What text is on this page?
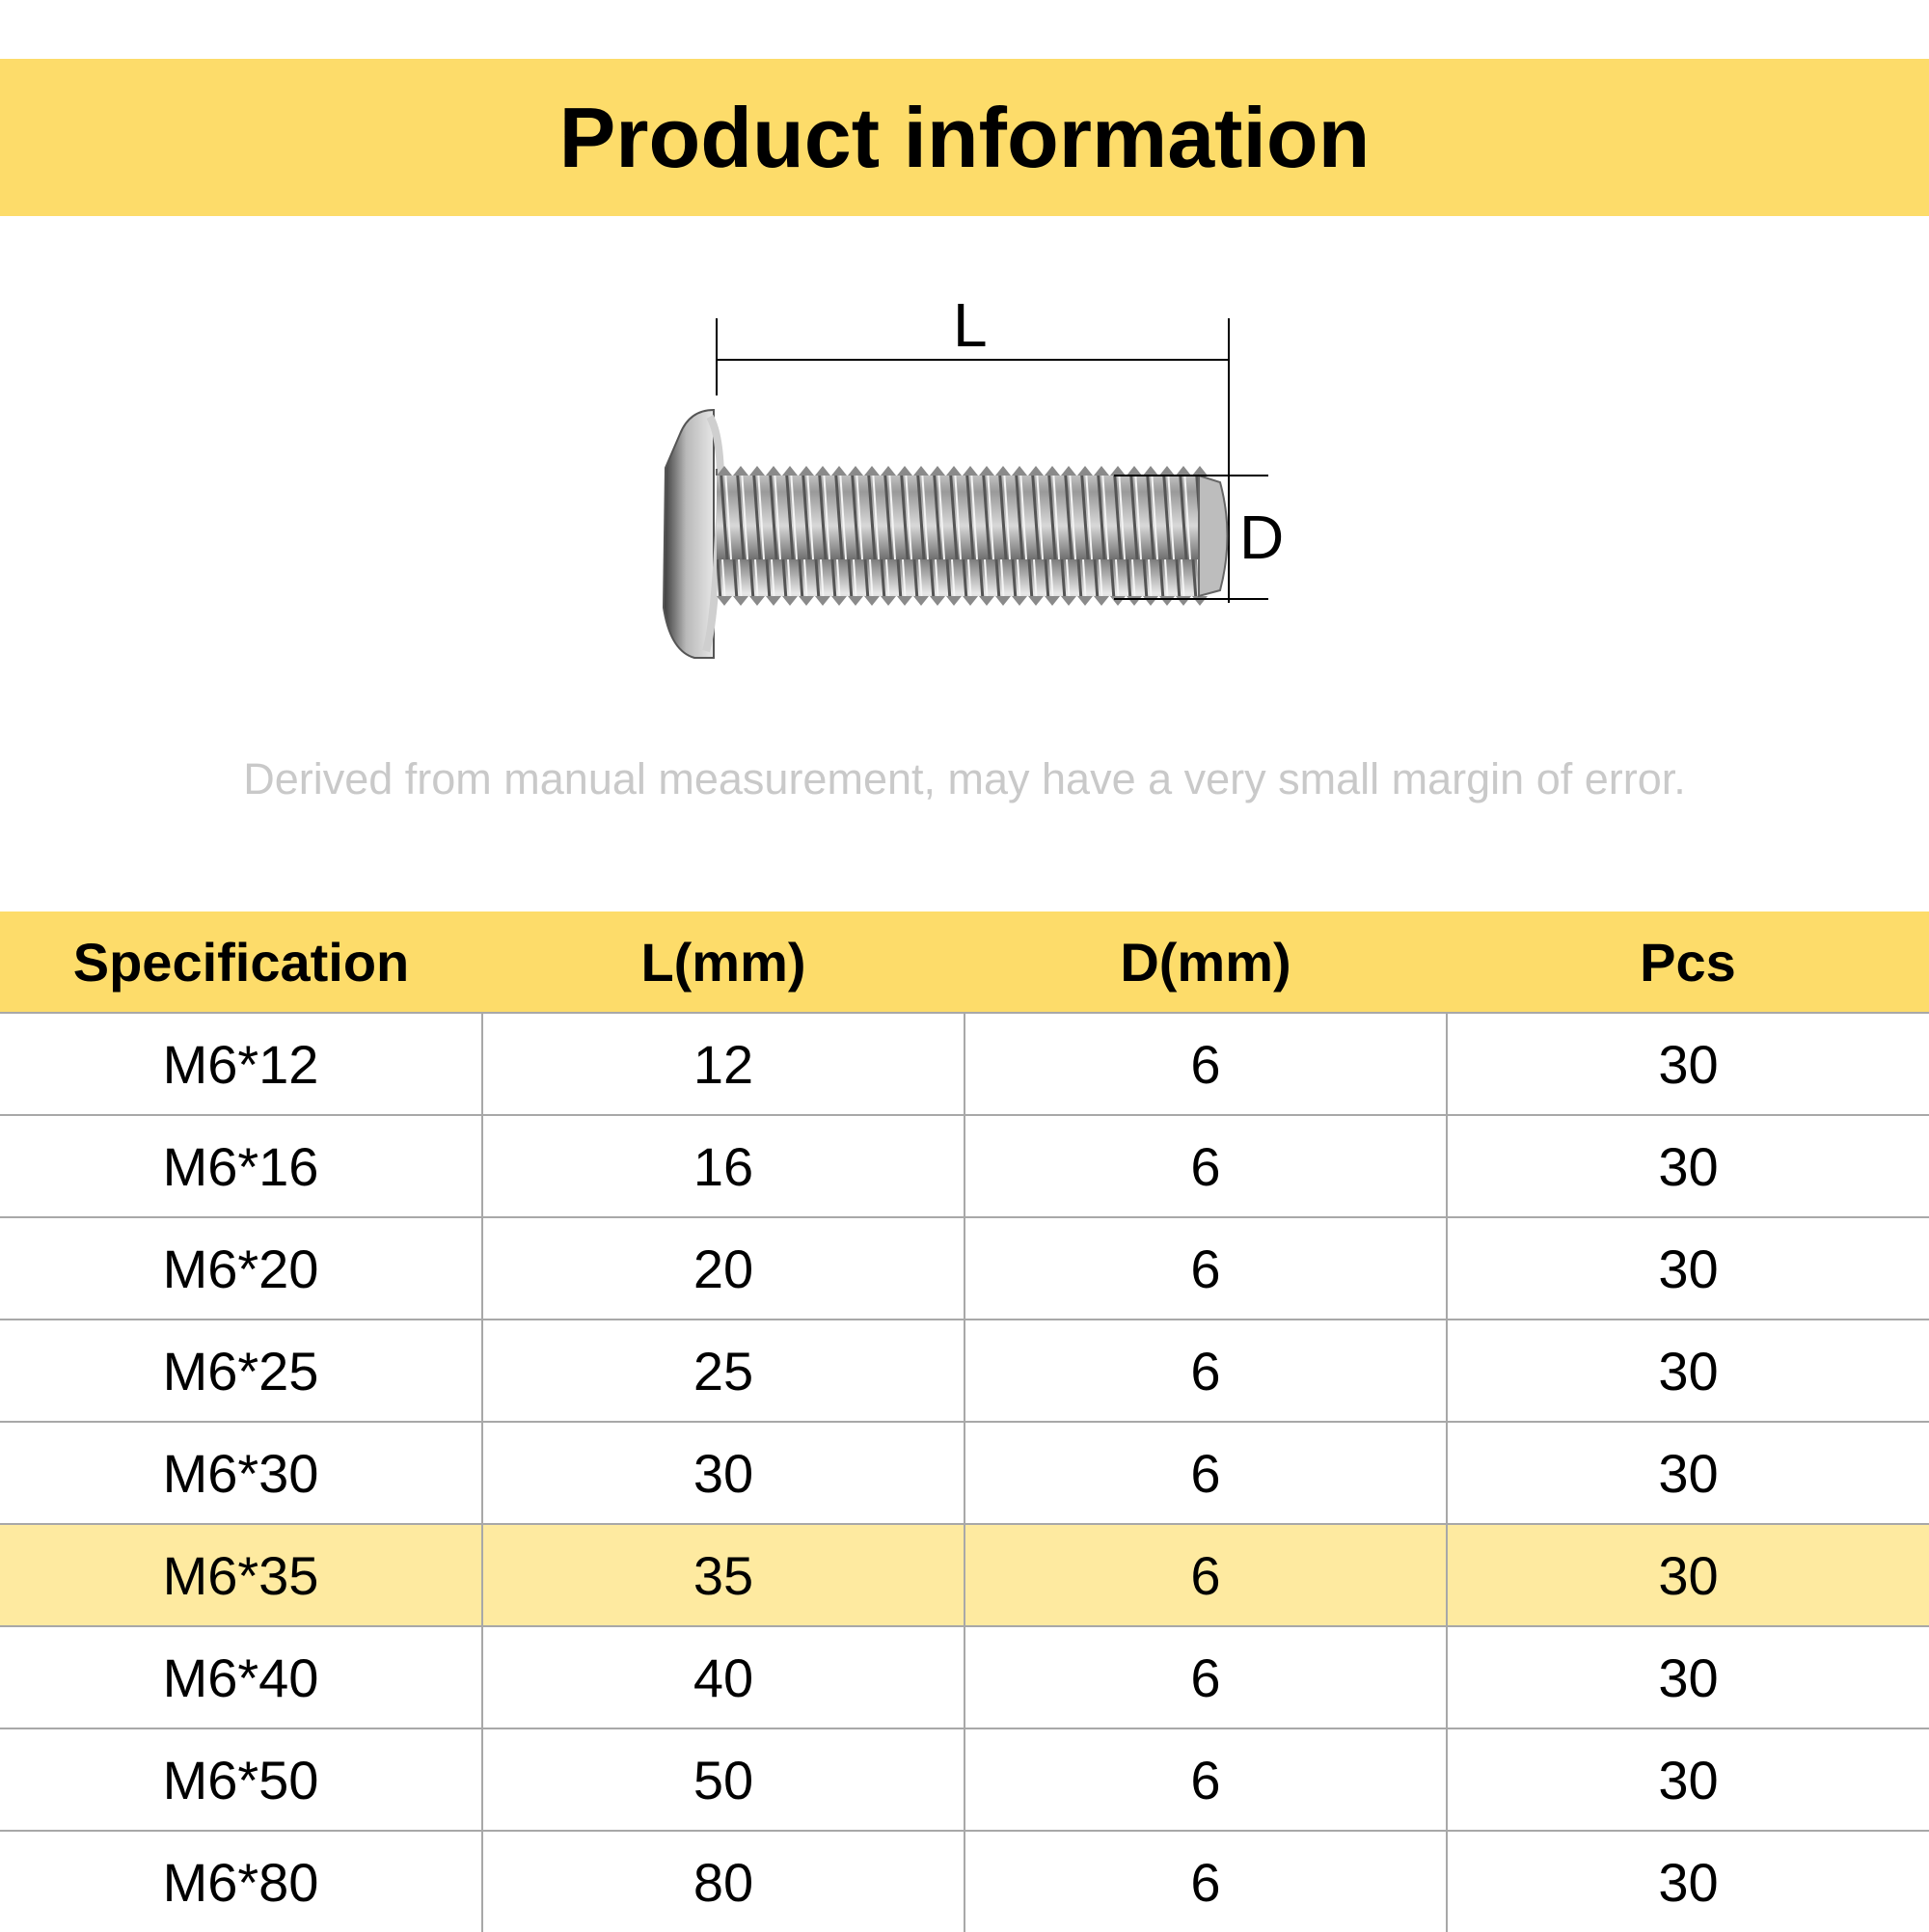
Product information
L
D
Derived from manual measurement, may have a very small margin of error.
Specification	L(mm)	D(mm)	Pcs
M6*12	12	6	30
M6*16	16	6	30
M6*20	20	6	30
M6*25	25	6	30
M6*30	30	6	30
M6*35	35	6	30
M6*40	40	6	30
M6*50	50	6	30
M6*80	80	6	30
